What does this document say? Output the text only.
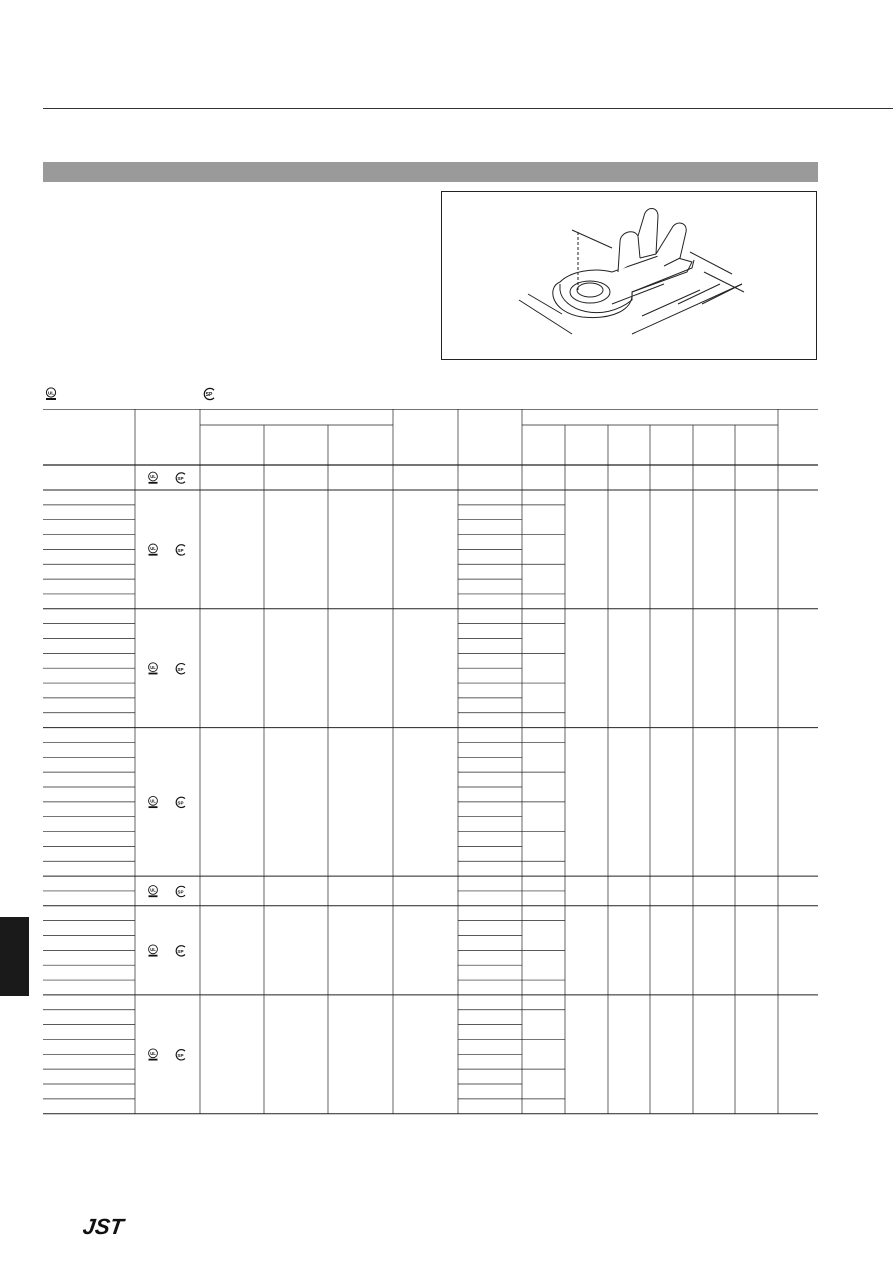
UL	SP
UL	SP
UL	SP
UL	SP
UL	SP
UL	SP
UL	SP
UL	SP
JST
